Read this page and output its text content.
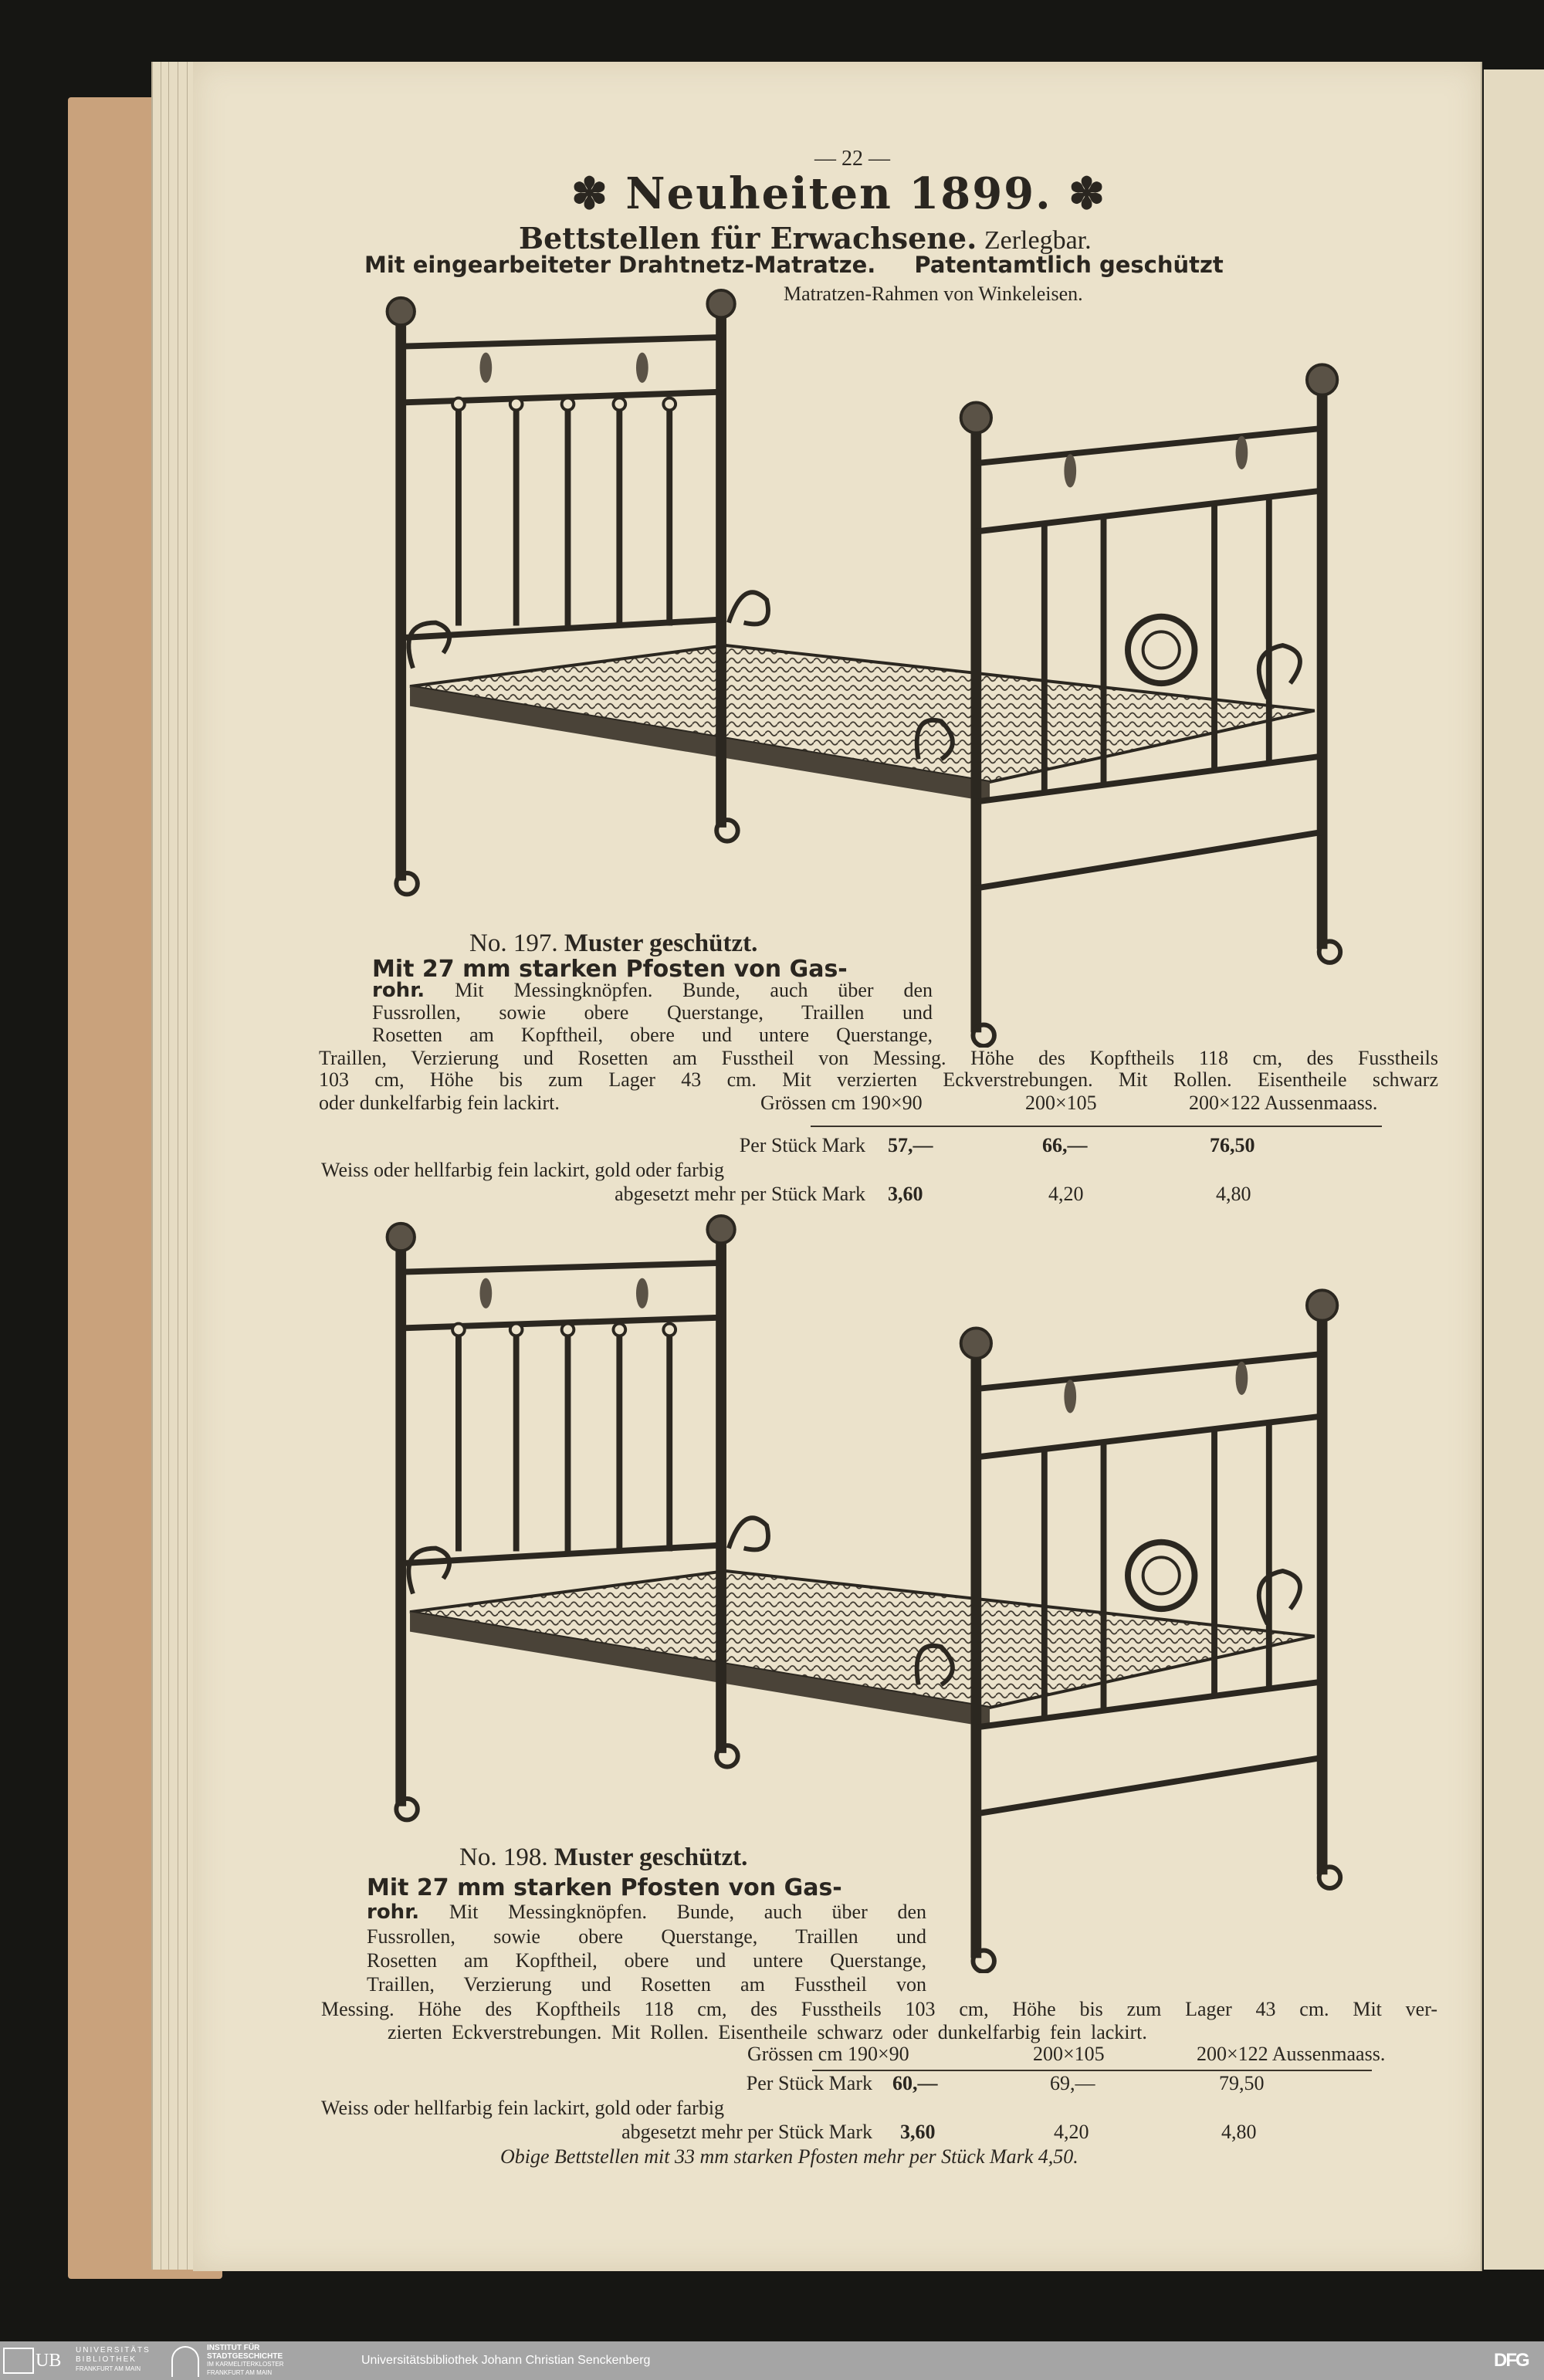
— 22 —
✽ Neuheiten 1899. ✽
Bettstellen für Erwachsene. Zerlegbar.
Mit eingearbeiteter Drahtnetz-Matratze. Patentamtlich geschützt
Matratzen-Rahmen von Winkeleisen.
No. 197. Muster geschützt.
Mit 27 mm starken Pfosten von Gas-
rohr. Mit Messingknöpfen. Bunde, auch über den
Fussrollen, sowie obere Querstange, Traillen und
Rosetten am Kopftheil, obere und untere Querstange,
Traillen, Verzierung und Rosetten am Fusstheil von Messing. Höhe des Kopftheils 118 cm, des Fusstheils
103 cm, Höhe bis zum Lager 43 cm. Mit verzierten Eckverstrebungen. Mit Rollen. Eisentheile schwarz
oder dunkelfarbig fein lackirt.	Grössen cm 190×90	200×105	200×122 Aussenmaass.
Per Stück Mark 57,—	66,—	76,50
Weiss oder hellfarbig fein lackirt, gold oder farbig
abgesetzt mehr per Stück Mark 3,60	4,20	4,80
No. 198. Muster geschützt.
Mit 27 mm starken Pfosten von Gas-
rohr. Mit Messingknöpfen. Bunde, auch über den
Fussrollen, sowie obere Querstange, Traillen und
Rosetten am Kopftheil, obere und untere Querstange,
Traillen, Verzierung und Rosetten am Fusstheil von
Messing. Höhe des Kopftheils 118 cm, des Fusstheils 103 cm, Höhe bis zum Lager 43 cm. Mit ver-
zierten Eckverstrebungen. Mit Rollen. Eisentheile schwarz oder dunkelfarbig fein lackirt.
Grössen cm 190×90	200×105	200×122 Aussenmaass.
Per Stück Mark 60,—	69,—	79,50
Weiss oder hellfarbig fein lackirt, gold oder farbig
abgesetzt mehr per Stück Mark 3,60	4,20	4,80
Obige Bettstellen mit 33 mm starken Pfosten mehr per Stück Mark 4,50.
UB
UNIVERSITÄTS
BIBLIOTHEK
FRANKFURT AM MAIN
INSTITUT FÜR
STADTGESCHICHTE
IM KARMELITERKLOSTER
FRANKFURT AM MAIN
Universitätsbibliothek Johann Christian Senckenberg	DFG
